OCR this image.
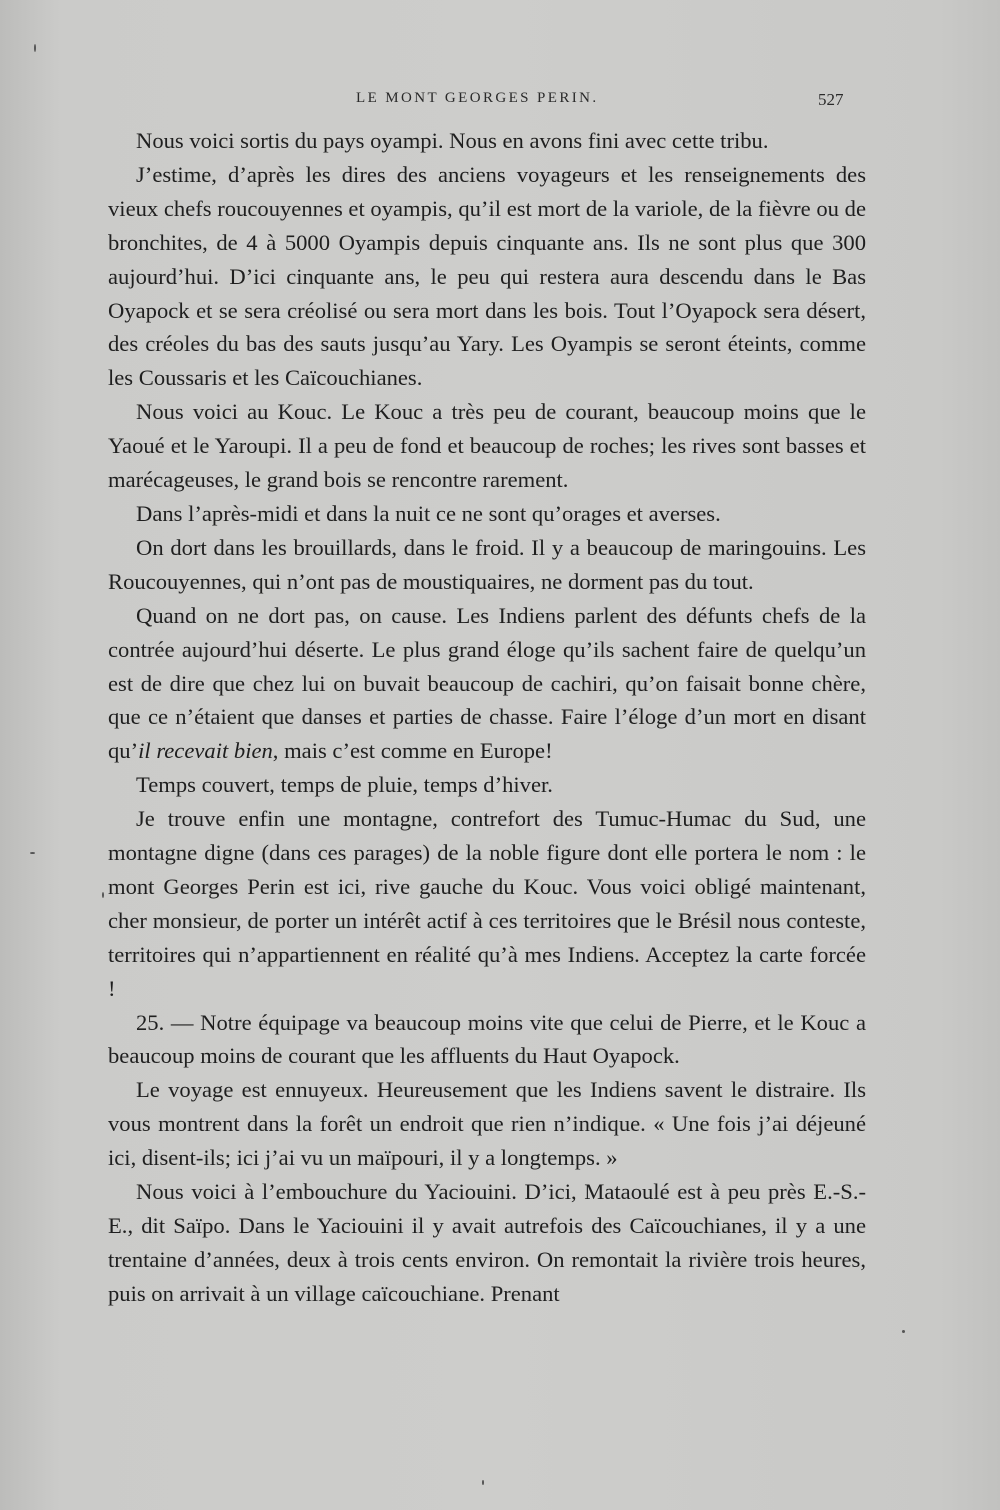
LE MONT GEORGES PERIN.	527

Nous voici sortis du pays oyampi. Nous en avons fini avec cette tribu.

J’estime, d’après les dires des anciens voyageurs et les renseignements des vieux chefs roucouyennes et oyampis, qu’il est mort de la variole, de la fièvre ou de bronchites, de 4 à 5000 Oyampis depuis cinquante ans. Ils ne sont plus que 300 aujourd’hui. D’ici cinquante ans, le peu qui restera aura descendu dans le Bas Oyapock et se sera créolisé ou sera mort dans les bois. Tout l’Oyapock sera désert, des créoles du bas des sauts jusqu’au Yary. Les Oyampis se seront éteints, comme les Coussaris et les Caïcouchianes.

Nous voici au Kouc. Le Kouc a très peu de courant, beaucoup moins que le Yaoué et le Yaroupi. Il a peu de fond et beaucoup de roches; les rives sont basses et marécageuses, le grand bois se rencontre rarement.

Dans l’après-midi et dans la nuit ce ne sont qu’orages et averses.

On dort dans les brouillards, dans le froid. Il y a beaucoup de maringouins. Les Roucouyennes, qui n’ont pas de moustiquaires, ne dorment pas du tout.

Quand on ne dort pas, on cause. Les Indiens parlent des défunts chefs de la contrée aujourd’hui déserte. Le plus grand éloge qu’ils sachent faire de quelqu’un est de dire que chez lui on buvait beaucoup de cachiri, qu’on faisait bonne chère, que ce n’étaient que danses et parties de chasse. Faire l’éloge d’un mort en disant qu’il recevait bien, mais c’est comme en Europe!

Temps couvert, temps de pluie, temps d’hiver.

Je trouve enfin une montagne, contrefort des Tumuc-Humac du Sud, une montagne digne (dans ces parages) de la noble figure dont elle portera le nom : le mont Georges Perin est ici, rive gauche du Kouc. Vous voici obligé maintenant, cher monsieur, de porter un intérêt actif à ces territoires que le Brésil nous conteste, territoires qui n’appartiennent en réalité qu’à mes Indiens. Acceptez la carte forcée !

25. — Notre équipage va beaucoup moins vite que celui de Pierre, et le Kouc a beaucoup moins de courant que les affluents du Haut Oyapock.

Le voyage est ennuyeux. Heureusement que les Indiens savent le distraire. Ils vous montrent dans la forêt un endroit que rien n’indique. « Une fois j’ai déjeuné ici, disent-ils; ici j’ai vu un maïpouri, il y a longtemps. »

Nous voici à l’embouchure du Yaciouini. D’ici, Mataoulé est à peu près E.-S.-E., dit Saïpo. Dans le Yaciouini il y avait autrefois des Caïcouchianes, il y a une trentaine d’années, deux à trois cents environ. On remontait la rivière trois heures, puis on arrivait à un village caïcouchiane. Prenant
